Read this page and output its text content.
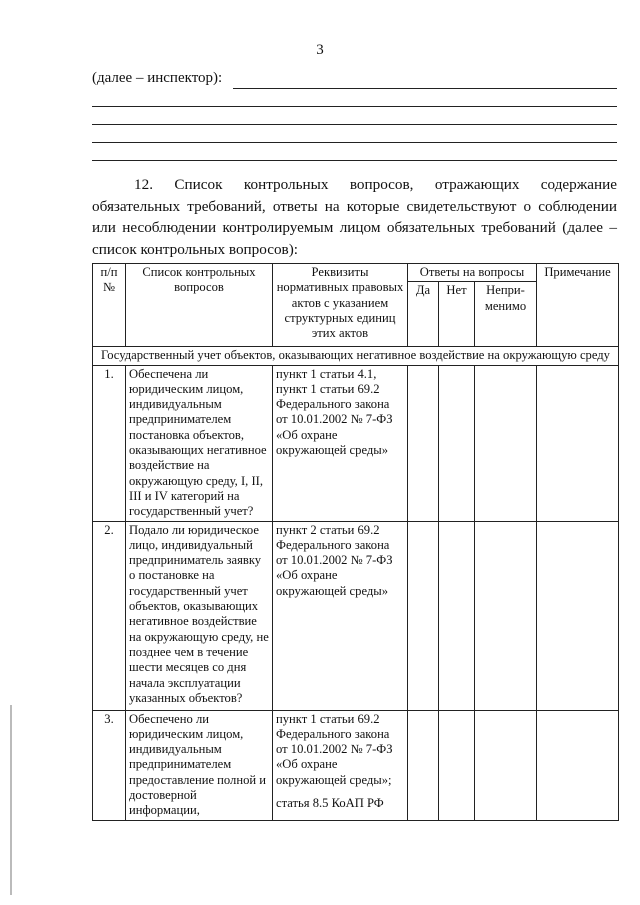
3
(далее – инспектор):
12. Список контрольных вопросов, отражающих содержание обязательных требований, ответы на которые свидетельствуют о соблюдении или несоблюдении контролируемым лицом обязательных требований (далее – список контрольных вопросов):
п/п №	Список контрольных вопросов	Реквизиты нормативных правовых актов с указанием структурных единиц этих актов	Ответы на вопросы			Примечание
			Да	Нет	Непри-менимо	
Государственный учет объектов, оказывающих негативное воздействие на окружающую среду						
1.	Обеспечена ли юридическим лицом, индивидуальным предпринимателем постановка объектов, оказывающих негативное воздействие на окружающую среду, I, II, III и IV категорий на государственный учет?	пункт 1 статьи 4.1, пункт 1 статьи 69.2 Федерального закона от 10.01.2002 № 7-ФЗ «Об охране окружающей среды»				
2.	Подало ли юридическое лицо, индивидуальный предприниматель заявку о постановке на государственный учет объектов, оказывающих негативное воздействие на окружающую среду, не позднее чем в течение шести месяцев со дня начала эксплуатации указанных объектов?	пункт 2 статьи 69.2 Федерального закона от 10.01.2002 № 7-ФЗ «Об охране окружающей среды»				
3.	Обеспечено ли юридическим лицом, индивидуальным предпринимателем предоставление полной и достоверной информации,	пункт 1 статьи 69.2 Федерального закона от 10.01.2002 № 7-ФЗ «Об охране окружающей среды»;
статья 8.5 КоАП РФ				
